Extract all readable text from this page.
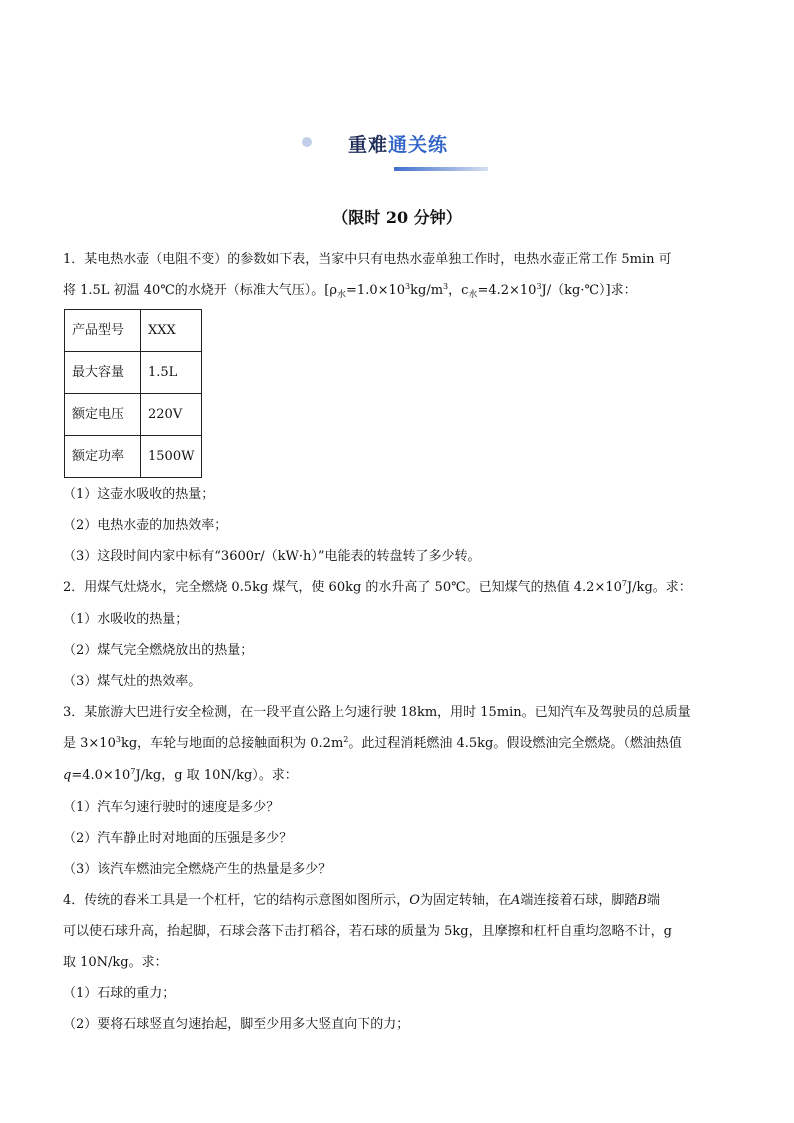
重难通关练
（限时 20 分钟）
1．某电热水壶（电阻不变）的参数如下表，当家中只有电热水壶单独工作时，电热水壶正常工作 5min 可
将 1.5L 初温 40℃的水烧开（标准大气压）。[$\rho_水=1.0\times 10^3kg/m^3$，$c_水=4.2\times 10^3J/(kg\cdot℃)$]求：
产品型号	XXX
最大容量	1.5L
额定电压	220V
额定功率	1500W
（1）这壶水吸收的热量；
（2）电热水壶的加热效率；
（3）这段时间内家中标有“3600r/（kW·h）”电能表的转盘转了多少转。
2．用煤气灶烧水，完全燃烧 0.5kg 煤气，使 60kg 的水升高了 50℃。已知煤气的热值 $4.2\times 10^7J/kg$。求：
（1）水吸收的热量；
（2）煤气完全燃烧放出的热量；
（3）煤气灶的热效率。
3．某旅游大巴进行安全检测，在一段平直公路上匀速行驶 18km，用时 15min。已知汽车及驾驶员的总质量
是 $3\times 10^3kg$，车轮与地面的总接触面积为 $0.2m^2$。此过程消耗燃油 4.5kg。假设燃油完全燃烧。（燃油热值
$q=4.0\times 10^7J/kg$，g 取 10N/kg）。求：
（1）汽车匀速行驶时的速度是多少？
（2）汽车静止时对地面的压强是多少？
（3）该汽车燃油完全燃烧产生的热量是多少？
4．传统的舂米工具是一个杠杆，它的结构示意图如图所示，O为固定转轴，在A端连接着石球，脚踏B端
可以使石球升高，抬起脚，石球会落下击打稻谷，若石球的质量为 5kg，且摩擦和杠杆自重均忽略不计，g
取 10N/kg。求：
（1）石球的重力；
（2）要将石球竖直匀速抬起，脚至少用多大竖直向下的力；
